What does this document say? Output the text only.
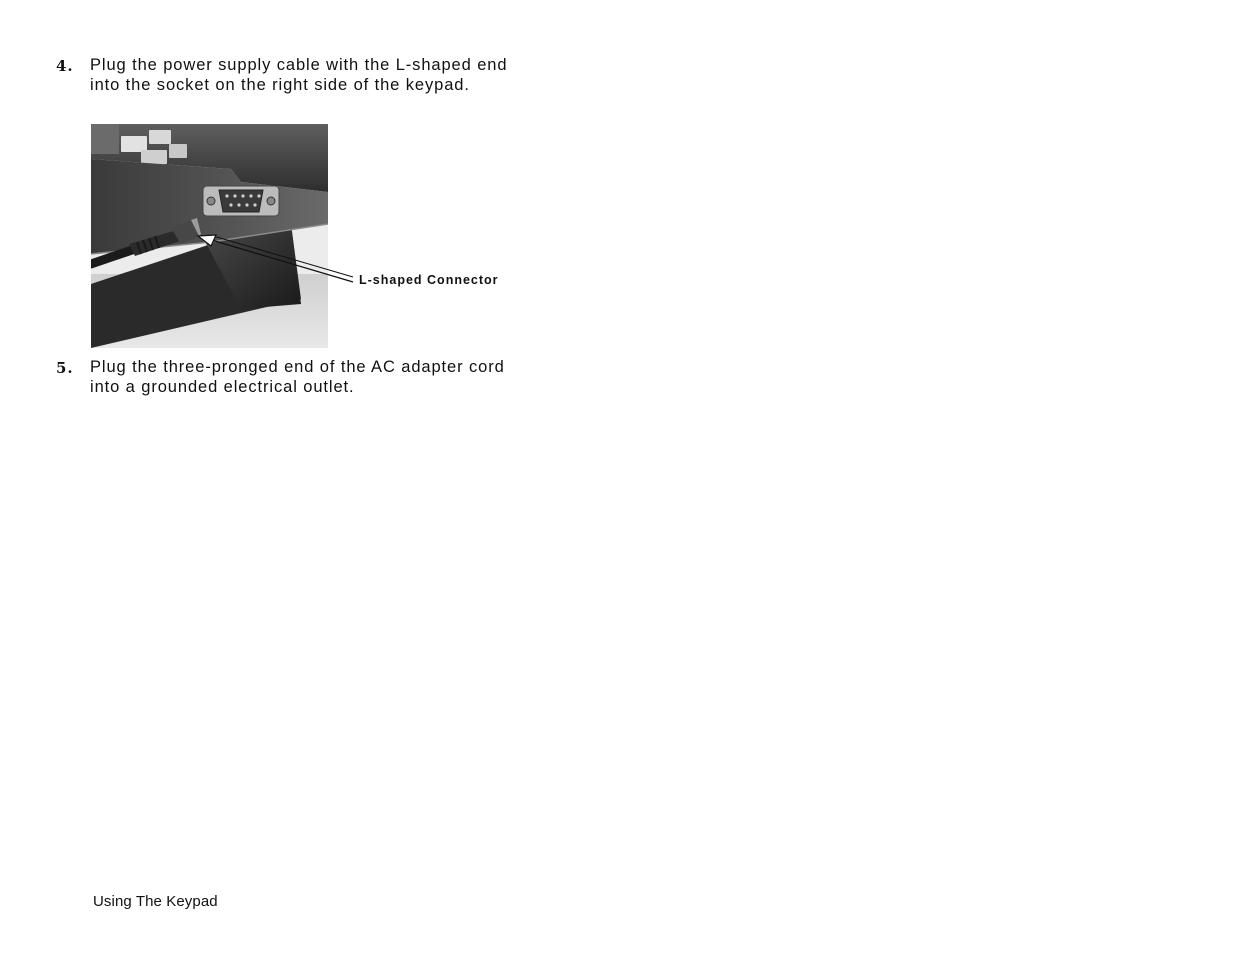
4. Plug the power supply cable with the L-shaped end into the socket on the right side of the keypad.
L-shaped Connector
5. Plug the three-pronged end of the AC adapter cord into a grounded electrical outlet.
Using The Keypad
